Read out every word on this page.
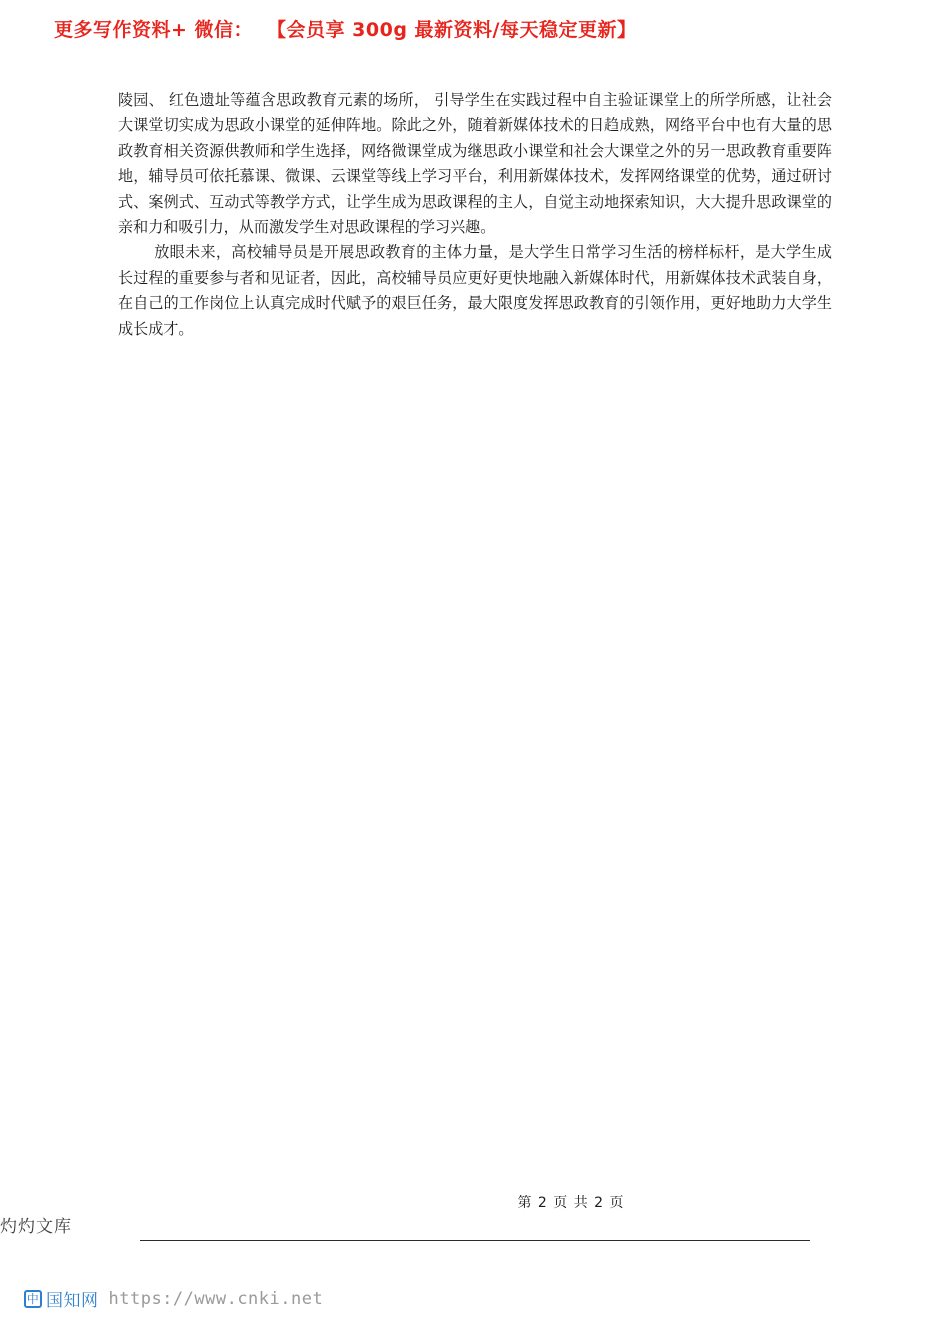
更多写作资料+ 微信： 【会员享 300g 最新资料/每天稳定更新】

陵园、 红色遗址等蕴含思政教育元素的场所， 引导学生在实践过程中自主验证课堂上的所学所感，让社会大课堂切实成为思政小课堂的延伸阵地。除此之外，随着新媒体技术的日趋成熟，网络平台中也有大量的思政教育相关资源供教师和学生选择，网络微课堂成为继思政小课堂和社会大课堂之外的另一思政教育重要阵地，辅导员可依托慕课、微课、云课堂等线上学习平台，利用新媒体技术，发挥网络课堂的优势，通过研讨式、案例式、互动式等教学方式，让学生成为思政课程的主人，自觉主动地探索知识，大大提升思政课堂的亲和力和吸引力，从而激发学生对思政课程的学习兴趣。

放眼未来，高校辅导员是开展思政教育的主体力量，是大学生日常学习生活的榜样标杆，是大学生成长过程的重要参与者和见证者，因此，高校辅导员应更好更快地融入新媒体时代，用新媒体技术武装自身，在自己的工作岗位上认真完成时代赋予的艰巨任务，最大限度发挥思政教育的引领作用，更好地助力大学生成长成才。

第 2 页 共 2 页
灼灼文库
中 国知网 https://www.cnki.net
